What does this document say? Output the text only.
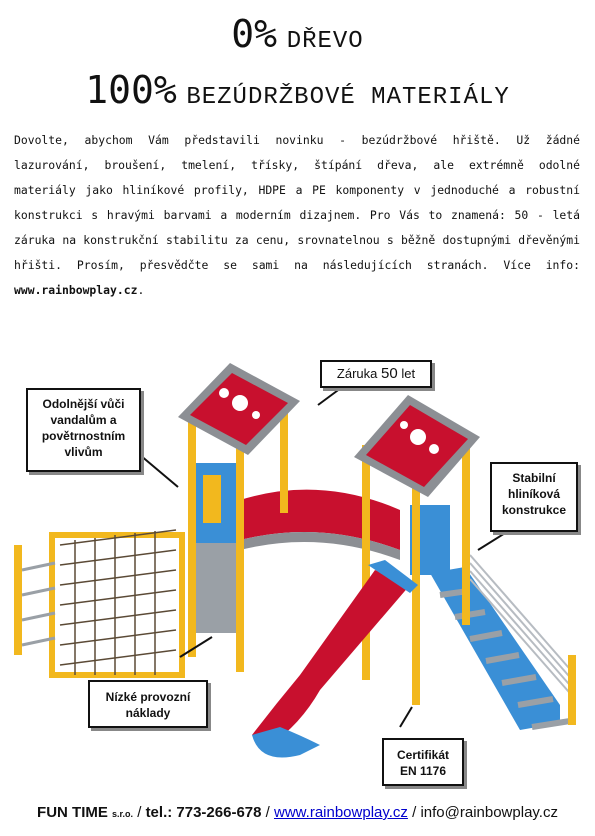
0% DŘEVO
100% BEZÚDRŽBOVÉ MATERIÁLY
Dovolte, abychom Vám představili novinku - bezúdržbové hřiště. Už žádné lazurování, broušení, tmelení, třísky, štípání dřeva, ale extrémně odolné materiály jako hliníkové profily, HDPE a PE komponenty v jednoduché a robustní konstrukci s hravými barvami a moderním dizajnem. Pro Vás to znamená: 50 - letá záruka na konstrukční stabilitu za cenu, srovnatelnou s běžně dostupnými dřevěnými hřišti. Prosím, přesvědčte se sami na následujících stranách. Více info: www.rainbowplay.cz.
Odolnější vůči vandalům a povětrnostním vlivům
Záruka 50 let
Stabilní hliníková konstrukce
Nízké provozní náklady
Certifikát EN 1176
FUN TIME s.r.o. / tel.: 773-266-678 / www.rainbowplay.cz / info@rainbowplay.cz
